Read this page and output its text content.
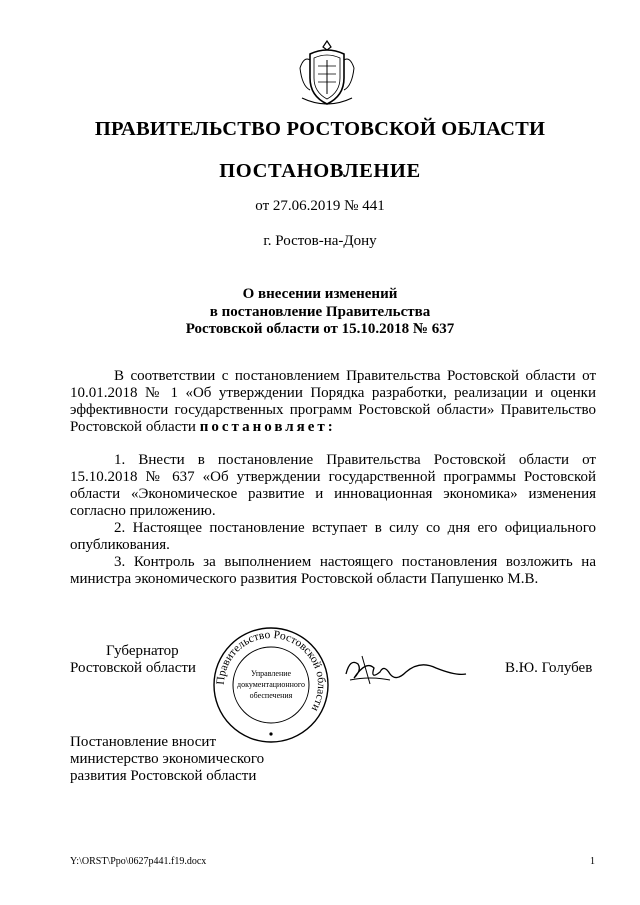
ПРАВИТЕЛЬСТВО РОСТОВСКОЙ ОБЛАСТИ
ПОСТАНОВЛЕНИЕ
от 27.06.2019 № 441
г. Ростов-на-Дону
О внесении изменений
в постановление Правительства
Ростовской области от 15.10.2018 № 637
В соответствии с постановлением Правительства Ростовской области от 10.01.2018 № 1 «Об утверждении Порядка разработки, реализации и оценки эффективности государственных программ Ростовской области» Правительство Ростовской области постановляет:
1. Внести в постановление Правительства Ростовской области от 15.10.2018 № 637 «Об утверждении государственной программы Ростовской области «Экономическое развитие и инновационная экономика» изменения согласно приложению.
2. Настоящее постановление вступает в силу со дня его официального опубликования.
3. Контроль за выполнением настоящего постановления возложить на министра экономического развития Ростовской области Папушенко М.В.
Губернатор
Ростовской области
Правительство Ростовской области
Управление
документационного
обеспечения
В.Ю. Голубев
Постановление вносит
министерство экономического
развития Ростовской области
Y:\ORST\Ppo\0627p441.f19.docx	1
